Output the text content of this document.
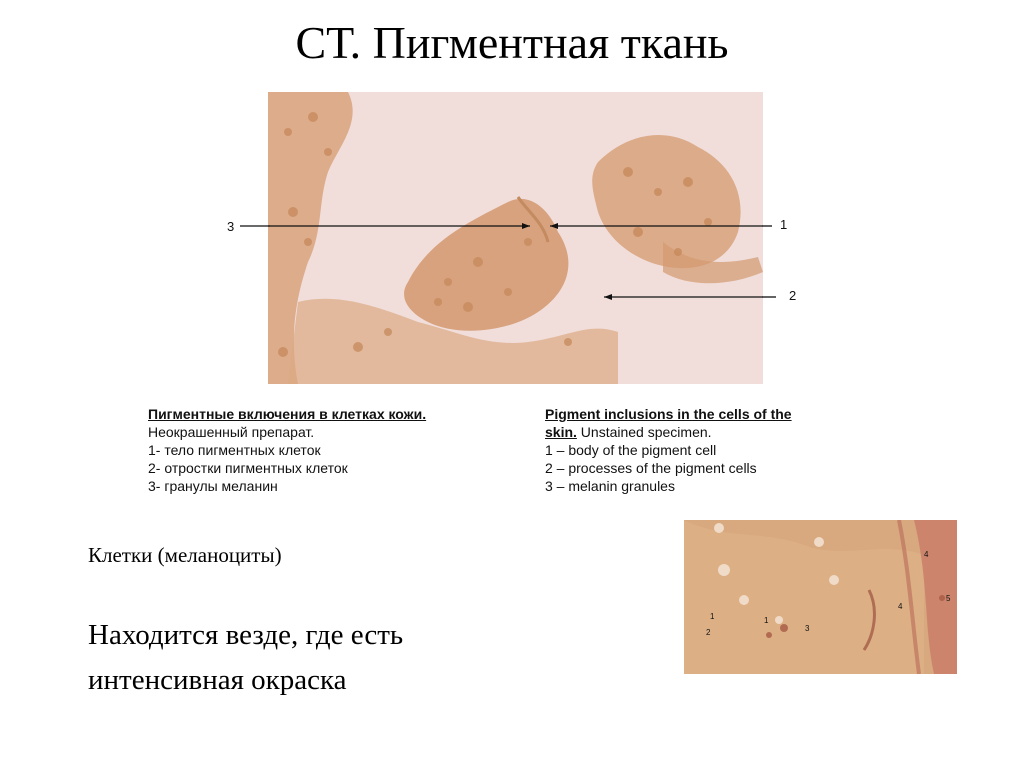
СТ. Пигментная ткань
3	1
2
Пигментные включения в клетках кожи.
Неокрашенный препарат.
1- тело пигментных клеток
2- отростки пигментных клеток
3- гранулы меланин
Pigment inclusions in the cells of the
skin. Unstained specimen.
1 – body of the pigment cell
2 – processes of the pigment cells
3 – melanin granules
Клетки (меланоциты)
Находится везде, где есть
интенсивная окраска
4
4
5
1
2
1
3
